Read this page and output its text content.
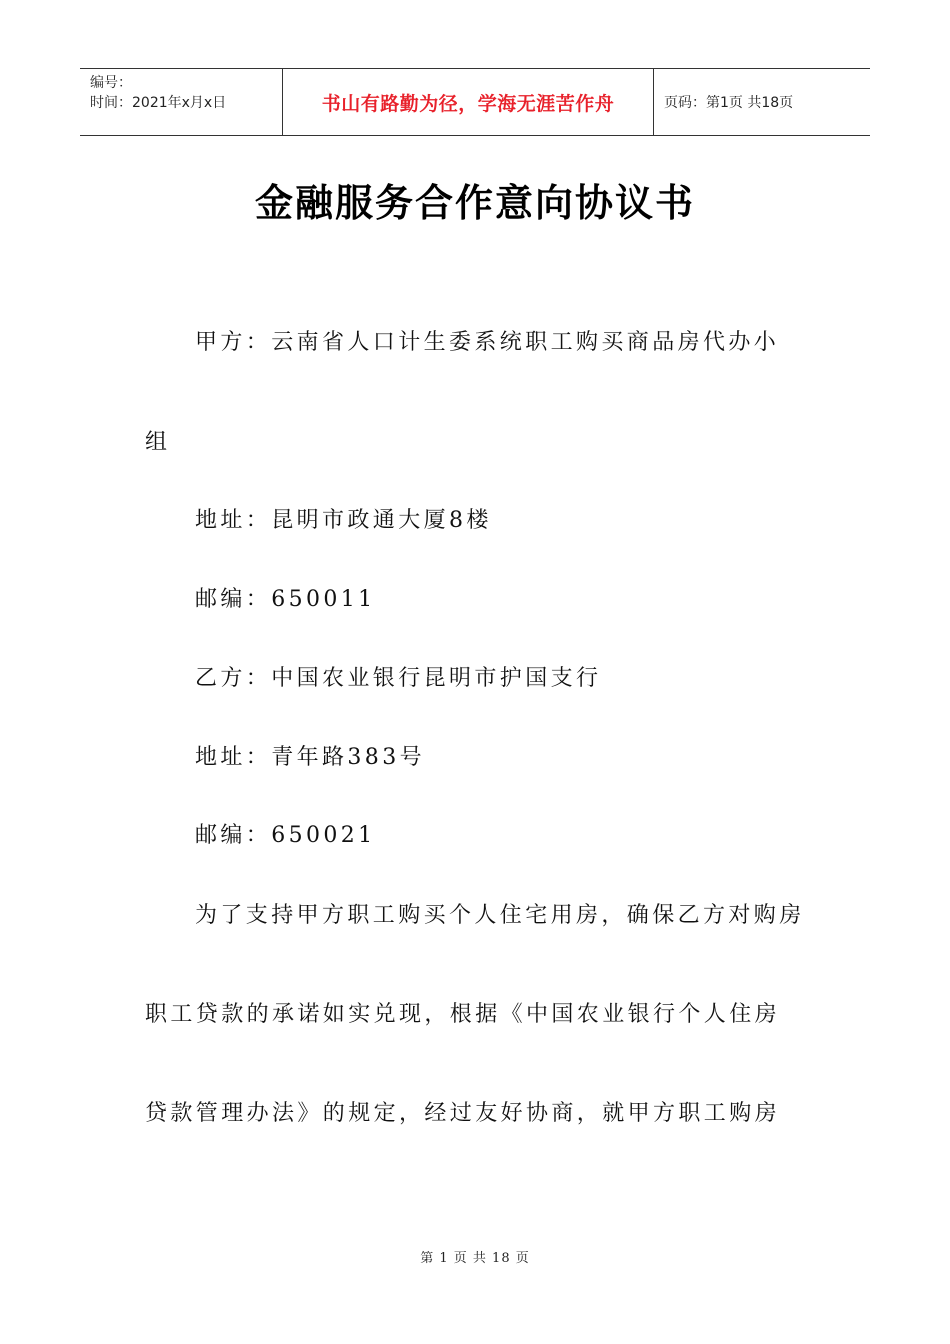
编号：
时间：2021年x月x日	书山有路勤为径，学海无涯苦作舟	页码：第1页 共18页
金融服务合作意向协议书
甲方：云南省人口计生委系统职工购买商品房代办小
组
地址：昆明市政通大厦8楼
邮编：650011
乙方：中国农业银行昆明市护国支行
地址：青年路383号
邮编：650021
为了支持甲方职工购买个人住宅用房，确保乙方对购房
职工贷款的承诺如实兑现，根据《中国农业银行个人住房
贷款管理办法》的规定，经过友好协商，就甲方职工购房
第 1 页 共 18 页
